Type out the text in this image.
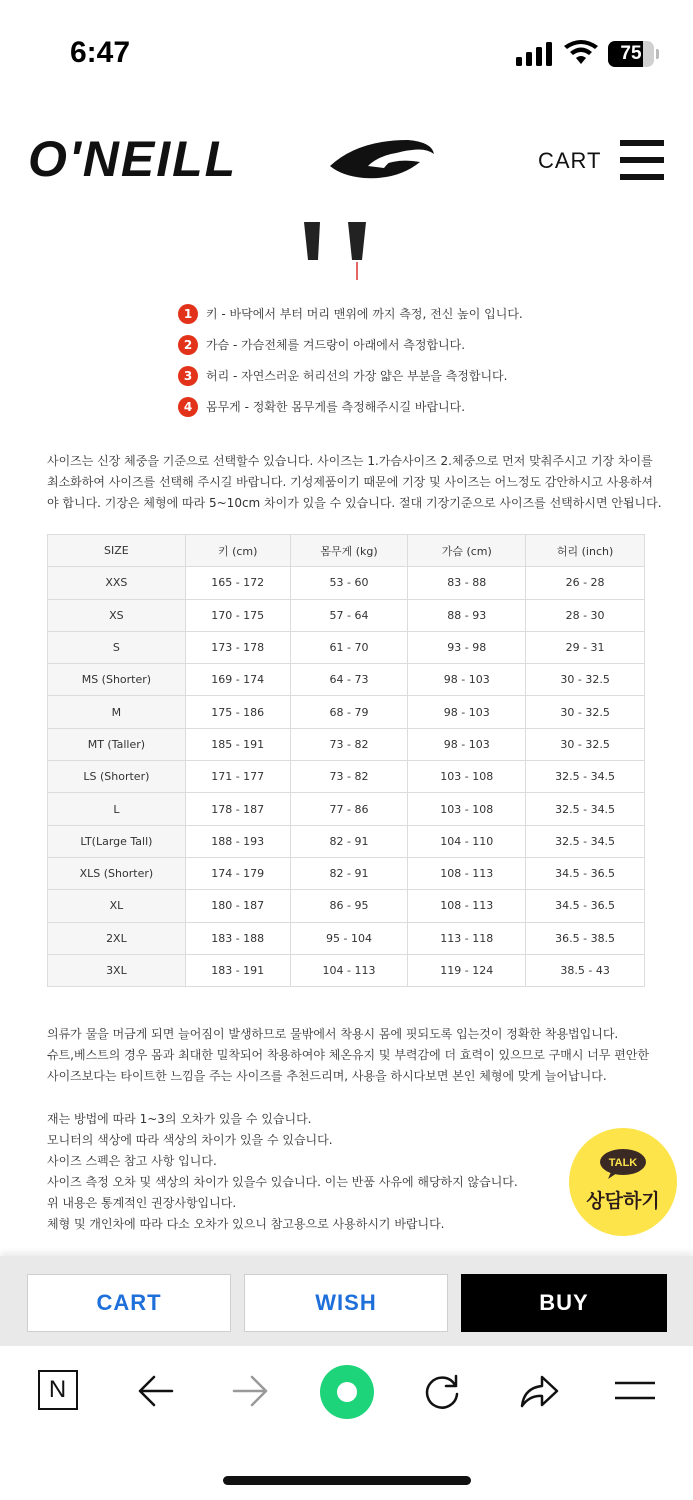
6:47	75
O'NEILL	CART
1	키 - 바닥에서 부터 머리 맨위에 까지 측정, 전신 높이 입니다.
2	가슴 - 가슴전체를 겨드랑이 아래에서 측정합니다.
3	허리 - 자연스러운 허리선의 가장 얇은 부분을 측정합니다.
4	몸무게 - 정확한 몸무게를 측정해주시길 바랍니다.

사이즈는 신장 체중을 기준으로 선택할수 있습니다. 사이즈는 1.가슴사이즈 2.체중으로 먼저 맞춰주시고 기장 차이를

최소화하여 사이즈를 선택해 주시길 바랍니다. 기성제품이기 때문에 기장 및 사이즈는 어느정도 감안하시고 사용하셔

야 합니다. 기장은 체형에 따라 5~10cm 차이가 있을 수 있습니다. 절대 기장기준으로 사이즈를 선택하시면 안됩니다.

SIZE	키 (cm)	몸무게 (kg)	가슴 (cm)	허리 (inch)
XXS	165 - 172	53 - 60	83 - 88	26 - 28
XS	170 - 175	57 - 64	88 - 93	28 - 30
S	173 - 178	61 - 70	93 - 98	29 - 31
MS (Shorter)	169 - 174	64 - 73	98 - 103	30 - 32.5
M	175 - 186	68 - 79	98 - 103	30 - 32.5
MT (Taller)	185 - 191	73 - 82	98 - 103	30 - 32.5
LS (Shorter)	171 - 177	73 - 82	103 - 108	32.5 - 34.5
L	178 - 187	77 - 86	103 - 108	32.5 - 34.5
LT(Large Tall)	188 - 193	82 - 91	104 - 110	32.5 - 34.5
XLS (Shorter)	174 - 179	82 - 91	108 - 113	34.5 - 36.5
XL	180 - 187	86 - 95	108 - 113	34.5 - 36.5
2XL	183 - 188	95 - 104	113 - 118	36.5 - 38.5
3XL	183 - 191	104 - 113	119 - 124	38.5 - 43

의류가 물을 머금게 되면 늘어짐이 발생하므로 물밖에서 착용시 몸에 핏되도록 입는것이 정확한 착용법입니다.

슈트,베스트의 경우 몸과 최대한 밀착되어 착용하여야 체온유지 및 부력감에 더 효력이 있으므로 구매시 너무 편안한

사이즈보다는 타이트한 느낌을 주는 사이즈를 추천드리며, 사용을 하시다보면 본인 체형에 맞게 늘어납니다.

재는 방법에 따라 1~3의 오차가 있을 수 있습니다.

모니터의 색상에 따라 색상의 차이가 있을 수 있습니다.

사이즈 스펙은 참고 사항 입니다.

사이즈 측정 오차 및 색상의 차이가 있을수 있습니다. 이는 반품 사유에 해당하지 않습니다.

위 내용은 통계적인 권장사항입니다.

체형 및 개인차에 따라 다소 오차가 있으니 참고용으로 사용하시기 바랍니다.

TALK
상담하기
CART	WISH	BUY
N
